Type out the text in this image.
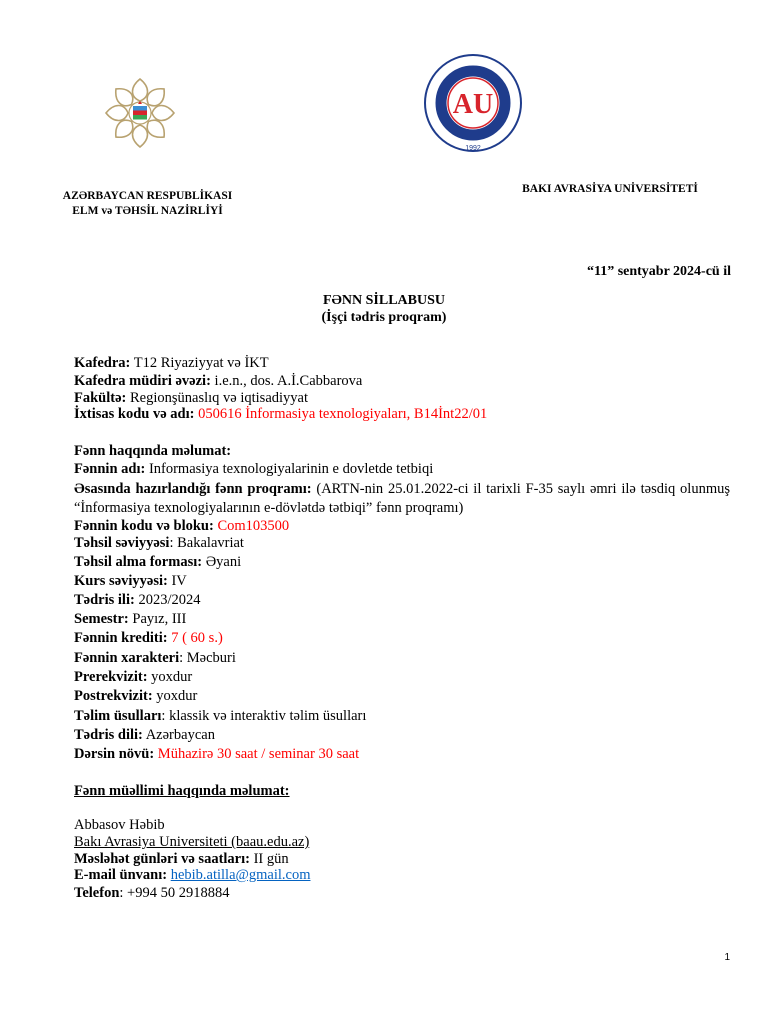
AU
1992
AZƏRBAYCAN RESPUBLİKASI
ELM və TƏHSİL NAZİRLİYİ
BAKI AVRASİYA UNİVERSİTETİ
“11” sentyabr 2024-cü il
FƏNN SİLLABUSU
(İşçi tədris proqram)
Kafedra: T12 Riyaziyyat və İKT
Kafedra müdiri əvəzi: i.e.n., dos. A.İ.Cabbarova
Fakültə: Regionşünaslıq və iqtisadiyyat
İxtisas kodu və adı: 050616 İnformasiya texnologiyaları, B14İnt22/01
Fənn haqqında məlumat:
Fənnin adı: Informasiya texnologiyalarinin e dovletde tetbiqi
Əsasında hazırlandığı fənn proqramı: (ARTN-nin 25.01.2022-ci il tarixli F-35 saylı əmri ilə təsdiq olunmuş “İnformasiya texnologiyalarının e-dövlətdə tətbiqi” fənn proqramı)
Fənnin kodu və bloku: Com103500
Təhsil səviyyəsi: Bakalavriat
Təhsil alma forması: Əyani
Kurs səviyyəsi: IV
Tədris ili: 2023/2024
Semestr: Payız, III
Fənnin krediti: 7 ( 60 s.)
Fənnin xarakteri: Məcburi
Prerekvizit: yoxdur
Postrekvizit: yoxdur
Təlim üsulları: klassik və interaktiv təlim üsulları
Tədris dili: Azərbaycan
Dərsin növü: Mühazirə 30 saat / seminar 30 saat
Fənn müəllimi haqqında məlumat:
Abbasov Həbib
Bakı Avrasiya Universiteti (baau.edu.az)
Məsləhət günləri və saatları: II gün
E-mail ünvanı: hebib.atilla@gmail.com
Telefon: +994 50 2918884
1
